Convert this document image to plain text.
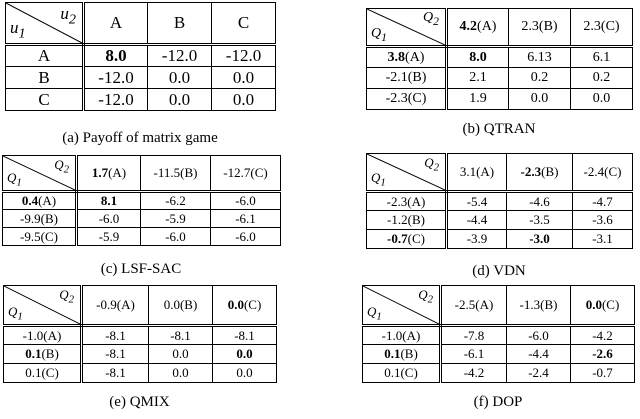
$u_2$
$u_1$	A	B	C
A	8.0	-12.0	-12.0
B	-12.0	0.0	0.0
C	-12.0	0.0	0.0
(a) Payoff of matrix game
$Q_2$
$Q_1$	4.2(A)	2.3(B)	2.3(C)
3.8(A)	8.0	6.13	6.1
-2.1(B)	2.1	0.2	0.2
-2.3(C)	1.9	0.0	0.0
(b) QTRAN
$Q_2$
$Q_1$	1.7(A)	-11.5(B)	-12.7(C)
0.4(A)	8.1	-6.2	-6.0
-9.9(B)	-6.0	-5.9	-6.1
-9.5(C)	-5.9	-6.0	-6.0
(c) LSF-SAC
$Q_2$
$Q_1$	3.1(A)	-2.3(B)	-2.4(C)
-2.3(A)	-5.4	-4.6	-4.7
-1.2(B)	-4.4	-3.5	-3.6
-0.7(C)	-3.9	-3.0	-3.1
(d) VDN
$Q_2$
$Q_1$	-0.9(A)	0.0(B)	0.0(C)
-1.0(A)	-8.1	-8.1	-8.1
0.1(B)	-8.1	0.0	0.0
0.1(C)	-8.1	0.0	0.0
(e) QMIX
$Q_2$
$Q_1$	-2.5(A)	-1.3(B)	0.0(C)
-1.0(A)	-7.8	-6.0	-4.2
0.1(B)	-6.1	-4.4	-2.6
0.1(C)	-4.2	-2.4	-0.7
(f) DOP
